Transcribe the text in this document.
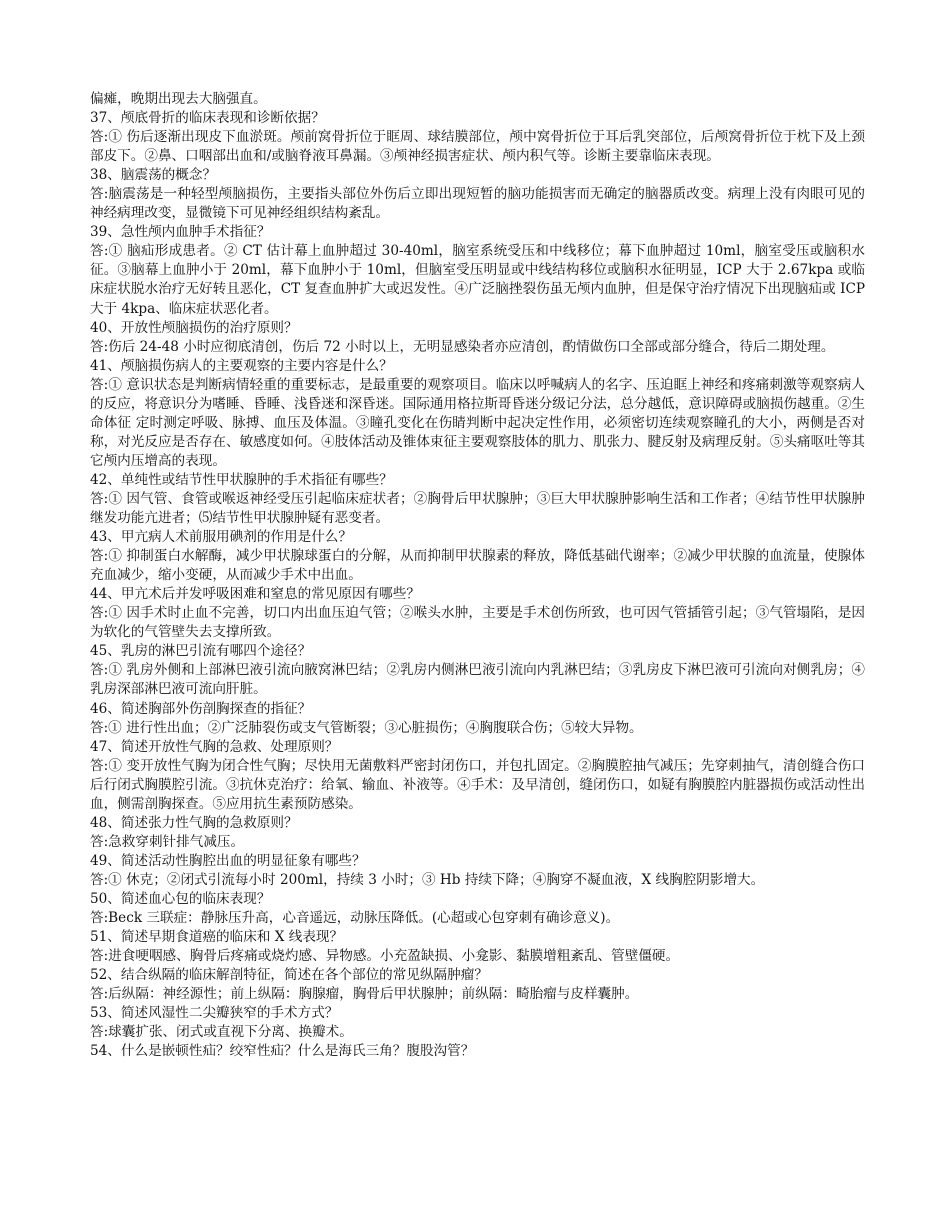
偏瘫，晚期出现去大脑强直。

37、颅底骨折的临床表现和诊断依据？

答:① 伤后逐渐出现皮下血淤斑。颅前窝骨折位于眶周、球结膜部位，颅中窝骨折位于耳后乳突部位，后颅窝骨折位于枕下及上颈部皮下。②鼻、口咽部出血和/或脑脊液耳鼻漏。③颅神经损害症状、颅内积气等。诊断主要靠临床表现。

38、脑震荡的概念？

答:脑震荡是一种轻型颅脑损伤，主要指头部位外伤后立即出现短暂的脑功能损害而无确定的脑器质改变。病理上没有肉眼可见的神经病理改变，显微镜下可见神经组织结构紊乱。

39、急性颅内血肿手术指征？

答:① 脑疝形成患者。② CT 估计幕上血肿超过 30-40ml，脑室系统受压和中线移位；幕下血肿超过 10ml，脑室受压或脑积水征。③脑幕上血肿小于 20ml，幕下血肿小于 10ml，但脑室受压明显或中线结构移位或脑积水征明显，ICP 大于 2.67kpa 或临床症状脱水治疗无好转且恶化，CT 复查血肿扩大或迟发性。④广泛脑挫裂伤虽无颅内血肿，但是保守治疗情况下出现脑疝或 ICP 大于 4kpa、临床症状恶化者。

40、开放性颅脑损伤的治疗原则？

答:伤后 24-48 小时应彻底清创，伤后 72 小时以上，无明显感染者亦应清创，酌情做伤口全部或部分缝合，待后二期处理。

41、颅脑损伤病人的主要观察的主要内容是什么？

答:① 意识状态是判断病情轻重的重要标志，是最重要的观察项目。临床以呼喊病人的名字、压迫眶上神经和疼痛刺激等观察病人的反应，将意识分为嗜睡、昏睡、浅昏迷和深昏迷。国际通用格拉斯哥昏迷分级记分法，总分越低，意识障碍或脑损伤越重。②生命体征 定时测定呼吸、脉搏、血压及体温。③瞳孔变化在伤睛判断中起决定性作用，必须密切连续观察瞳孔的大小，两侧是否对称，对光反应是否存在、敏感度如何。④肢体活动及锥体束征主要观察肢体的肌力、肌张力、腱反射及病理反射。⑤头痛呕吐等其它颅内压增高的表现。

42、单纯性或结节性甲状腺肿的手术指征有哪些？

答:① 因气管、食管或喉返神经受压引起临床症状者；②胸骨后甲状腺肿；③巨大甲状腺肿影响生活和工作者；④结节性甲状腺肿继发功能亢进者；⑸结节性甲状腺肿疑有恶变者。

43、甲亢病人术前服用碘剂的作用是什么？

答:① 抑制蛋白水解酶，减少甲状腺球蛋白的分解，从而抑制甲状腺素的释放，降低基础代谢率；②减少甲状腺的血流量，使腺体充血减少，缩小变硬，从而减少手术中出血。

44、甲亢术后并发呼吸困难和窒息的常见原因有哪些？

答:① 因手术时止血不完善，切口内出血压迫气管；②喉头水肿，主要是手术创伤所致，也可因气管插管引起；③气管塌陷，是因为软化的气管壁失去支撑所致。

45、乳房的淋巴引流有哪四个途径？

答:① 乳房外侧和上部淋巴液引流向腋窝淋巴结；②乳房内侧淋巴液引流向内乳淋巴结；③乳房皮下淋巴液可引流向对侧乳房；④乳房深部淋巴液可流向肝脏。

46、简述胸部外伤剖胸探查的指征？

答:① 进行性出血；②广泛肺裂伤或支气管断裂；③心脏损伤；④胸腹联合伤；⑤较大异物。

47、简述开放性气胸的急救、处理原则？

答:① 变开放性气胸为闭合性气胸；尽快用无菌敷料严密封闭伤口，并包扎固定。②胸膜腔抽气减压；先穿刺抽气，清创缝合伤口后行闭式胸膜腔引流。③抗休克治疗：给氧、输血、补液等。④手术：及早清创，缝闭伤口，如疑有胸膜腔内脏器损伤或活动性出血，侧需剖胸探查。⑤应用抗生素预防感染。

48、简述张力性气胸的急救原则？

答:急救穿刺针排气减压。

49、简述活动性胸腔出血的明显征象有哪些？

答:① 休克；②闭式引流每小时 200ml，持续 3 小时；③ Hb 持续下降；④胸穿不凝血液，X 线胸腔阴影增大。

50、简述血心包的临床表现？

答:Beck 三联症：静脉压升高，心音遥远，动脉压降低。(心超或心包穿刺有确诊意义)。

51、简述早期食道癌的临床和 X 线表现？

答:进食哽咽感、胸骨后疼痛或烧灼感、异物感。小充盈缺损、小龛影、黏膜增粗紊乱、管壁僵硬。

52、结合纵隔的临床解剖特征，简述在各个部位的常见纵隔肿瘤？

答:后纵隔：神经源性；前上纵隔：胸腺瘤，胸骨后甲状腺肿；前纵隔：畸胎瘤与皮样囊肿。

53、简述风湿性二尖瓣狭窄的手术方式？

答:球囊扩张、闭式或直视下分离、换瓣术。

54、什么是嵌顿性疝？绞窄性疝？什么是海氏三角？腹股沟管？
